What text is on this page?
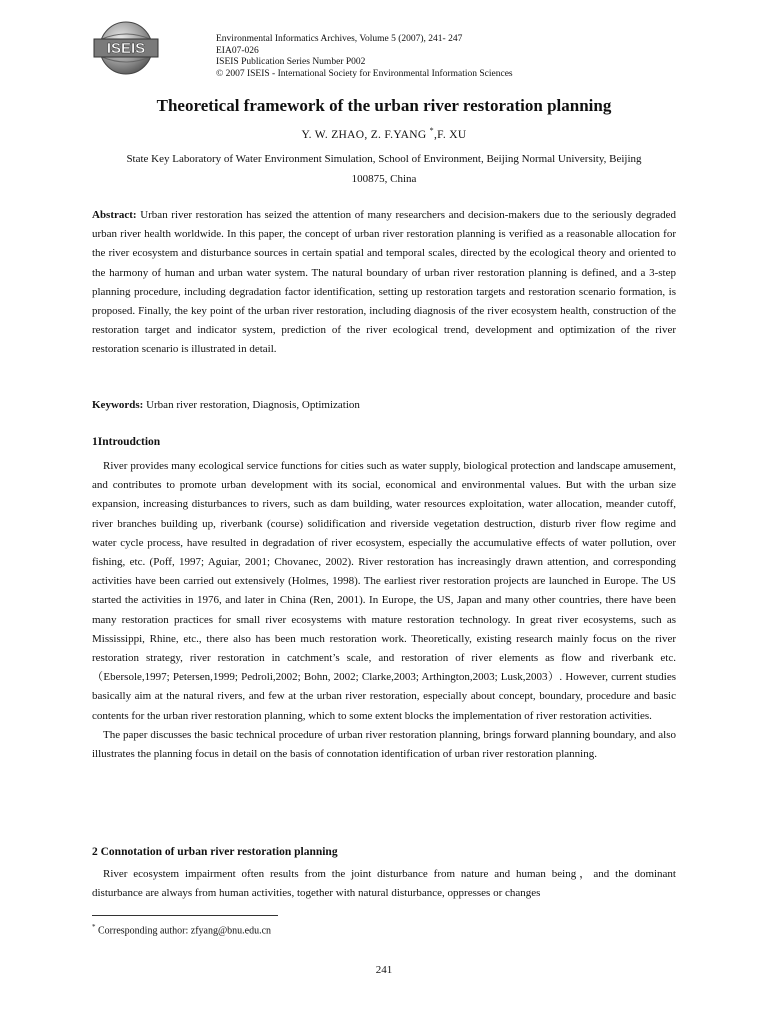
ISEIS
Environmental Informatics Archives, Volume 5 (2007), 241- 247
EIA07-026
ISEIS Publication Series Number P002
© 2007 ISEIS - International Society for Environmental Information Sciences
Theoretical framework of the urban river restoration planning
Y. W. ZHAO, Z. F.YANG *,F. XU
State Key Laboratory of Water Environment Simulation, School of Environment, Beijing Normal University, Beijing
100875, China

Abstract: Urban river restoration has seized the attention of many researchers and decision-makers due to the seriously degraded urban river health worldwide. In this paper, the concept of urban river restoration planning is verified as a reasonable allocation for the river ecosystem and disturbance sources in certain spatial and temporal scales, directed by the ecological theory and oriented to the harmony of human and urban water system. The natural boundary of urban river restoration planning is defined, and a 3-step planning procedure, including degradation factor identification, setting up restoration targets and restoration scenario formation, is proposed. Finally, the key point of the urban river restoration, including diagnosis of the river ecosystem health, construction of the restoration target and indicator system, prediction of the river ecological trend, development and optimization of the river restoration scenario is illustrated in detail.

Keywords: Urban river restoration, Diagnosis, Optimization

1Introudction

River provides many ecological service functions for cities such as water supply, biological protection and landscape amusement, and contributes to promote urban development with its social, economical and environmental values. But with the urban size expansion, increasing disturbances to rivers, such as dam building, water resources exploitation, water allocation, meander cutoff, river branches building up, riverbank (course) solidification and riverside vegetation destruction, disturb river flow regime and water cycle process, have resulted in degradation of river ecosystem, especially the accumulative effects of water pollution, over fishing, etc. (Poff, 1997; Aguiar, 2001; Chovanec, 2002). River restoration has increasingly drawn attention, and corresponding activities have been carried out extensively (Holmes, 1998). The earliest river restoration projects are launched in Europe. The US started the activities in 1976, and later in China (Ren, 2001). In Europe, the US, Japan and many other countries, there have been many restoration practices for small river ecosystems with mature restoration technology. In great river ecosystems, such as Mississippi, Rhine, etc., there also has been much restoration work. Theoretically, existing research mainly focus on the river restoration strategy, river restoration in catchment’s scale, and restoration of river elements as flow and riverbank etc. （Ebersole,1997; Petersen,1999; Pedroli,2002; Bohn, 2002; Clarke,2003; Arthington,2003; Lusk,2003）. However, current studies basically aim at the natural rivers, and few at the urban river restoration, especially about concept, boundary, procedure and basic contents for the urban river restoration planning, which to some extent blocks the implementation of river restoration activities.

The paper discusses the basic technical procedure of urban river restoration planning, brings forward planning boundary, and also illustrates the planning focus in detail on the basis of connotation identification of urban river restoration planning.

2 Connotation of urban river restoration planning

River ecosystem impairment often results from the joint disturbance from nature and human being，and the dominant disturbance are always from human activities, together with natural disturbance, oppresses or changes

* Corresponding author: zfyang@bnu.edu.cn
241
